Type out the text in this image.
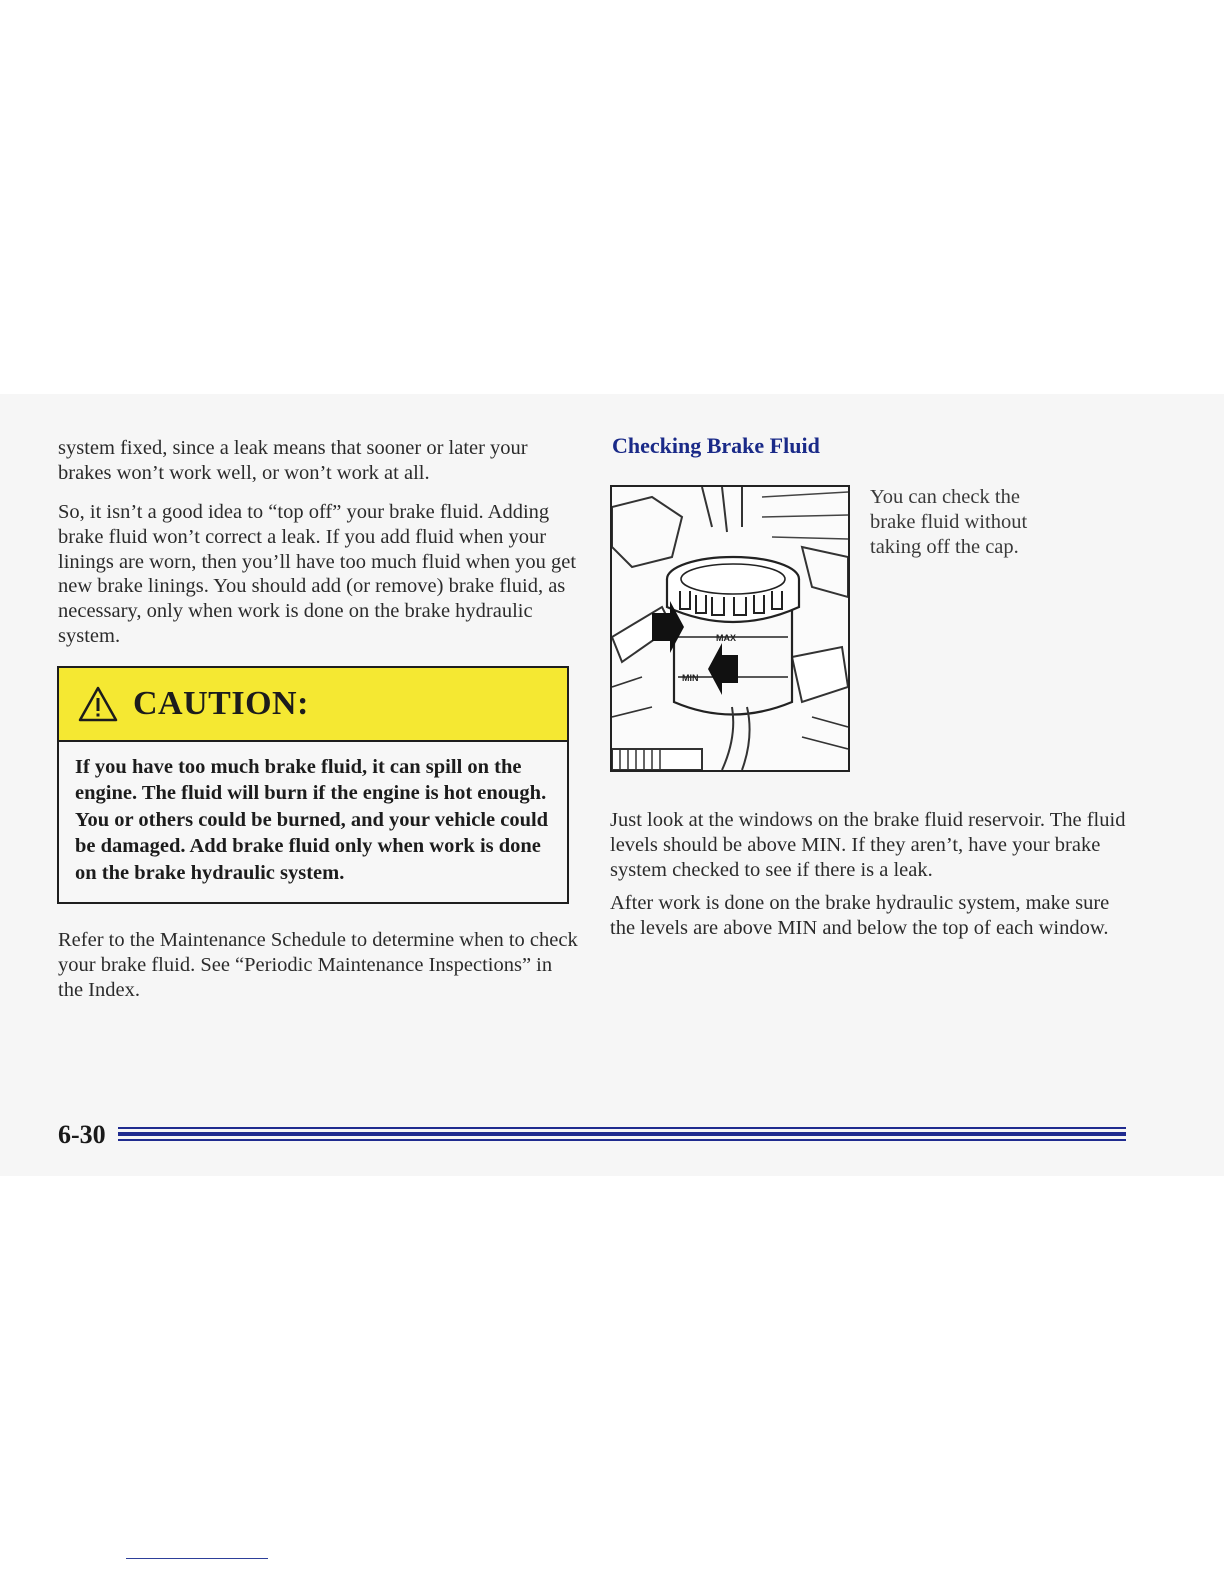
system fixed, since a leak means that sooner or later your brakes won’t work well, or won’t work at all.

So, it isn’t a good idea to “top off” your brake fluid. Adding brake fluid won’t correct a leak. If you add fluid when your linings are worn, then you’ll have too much fluid when you get new brake linings. You should add (or remove) brake fluid, as necessary, only when work is done on the brake hydraulic system.

CAUTION:

If you have too much brake fluid, it can spill on the engine. The fluid will burn if the engine is hot enough. You or others could be burned, and your vehicle could be damaged. Add brake fluid only when work is done on the brake hydraulic system.

Refer to the Maintenance Schedule to determine when to check your brake fluid. See “Periodic Maintenance Inspections” in the Index.

Checking Brake Fluid
MAX
MIN

You can check the brake fluid without taking off the cap.

Just look at the windows on the brake fluid reservoir. The fluid levels should be above MIN. If they aren’t, have your brake system checked to see if there is a leak.

After work is done on the brake hydraulic system, make sure the levels are above MIN and below the top of each window.

6-30
